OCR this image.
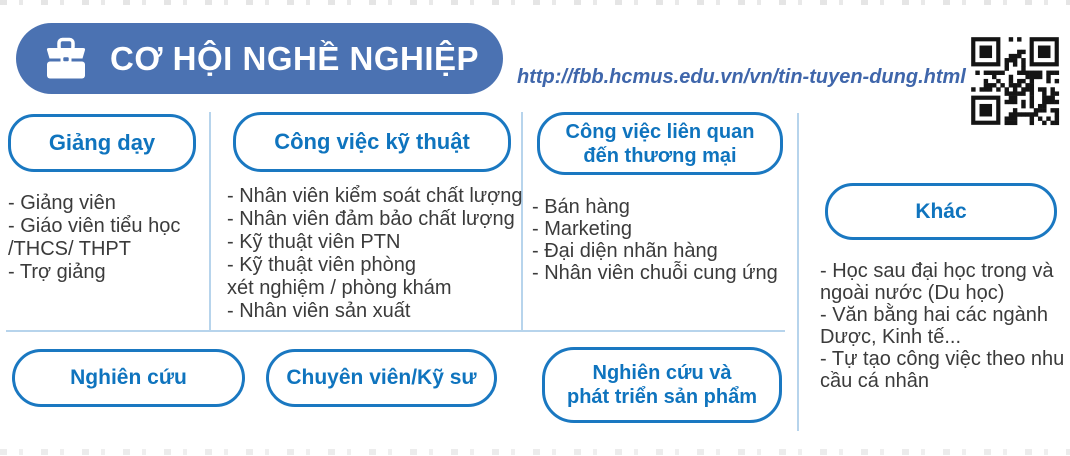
CƠ HỘI NGHỀ NGHIỆP
http://fbb.hcmus.edu.vn/vn/tin-tuyen-dung.html
Giảng dạy	Công việc kỹ thuật	Công việc liên quan
đến thương mại
Khác
- Giảng viên
- Giáo viên tiểu học
/THCS/ THPT
- Trợ giảng
- Nhân viên kiểm soát chất lượng
- Nhân viên đảm bảo chất lượng
- Kỹ thuật viên PTN
- Kỹ thuật viên phòng
xét nghiệm / phòng khám
- Nhân viên sản xuất
- Bán hàng
- Marketing
- Đại diện nhãn hàng
- Nhân viên chuỗi cung ứng - Học sau đại học trong và
ngoài nước (Du học)
- Văn bằng hai các ngành
Dược, Kinh tế...
- Tự tạo công việc theo nhu
cầu cá nhân
Nghiên cứu	Chuyên viên/Kỹ sư	Nghiên cứu và
phát triển sản phẩm
